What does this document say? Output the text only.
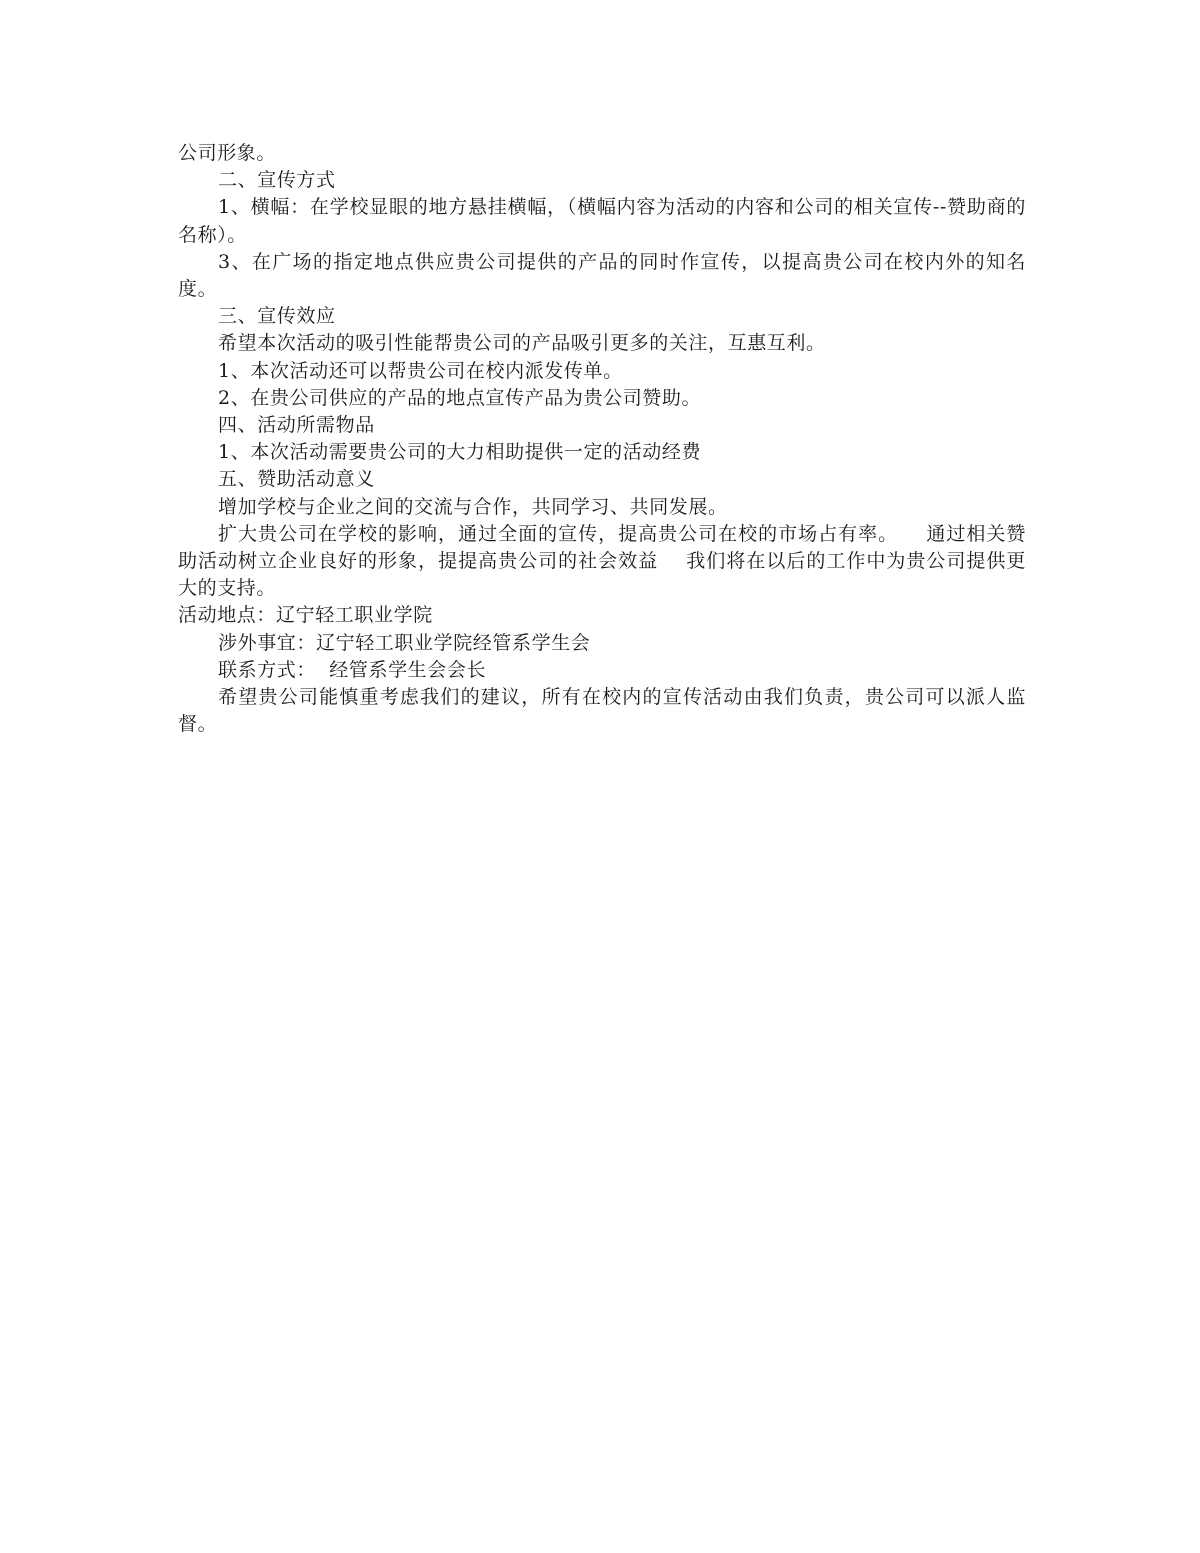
公司形象。

二、宣传方式

1、横幅：在学校显眼的地方悬挂横幅，（横幅内容为活动的内容和公司的相关宣传--赞助商的名称）。

3、在广场的指定地点供应贵公司提供的产品的同时作宣传，以提高贵公司在校内外的知名度。

三、宣传效应

希望本次活动的吸引性能帮贵公司的产品吸引更多的关注，互惠互利。

1、本次活动还可以帮贵公司在校内派发传单。

2、在贵公司供应的产品的地点宣传产品为贵公司赞助。

四、活动所需物品

1、本次活动需要贵公司的大力相助提供一定的活动经费

五、赞助活动意义

增加学校与企业之间的交流与合作，共同学习、共同发展。

扩大贵公司在学校的影响，通过全面的宣传，提高贵公司在校的市场占有率。    通过相关赞助活动树立企业良好的形象，提提高贵公司的社会效益    我们将在以后的工作中为贵公司提供更大的支持。

活动地点：辽宁轻工职业学院

涉外事宜：辽宁轻工职业学院经管系学生会

联系方式：  经管系学生会会长

希望贵公司能慎重考虑我们的建议，所有在校内的宣传活动由我们负责，贵公司可以派人监督。
